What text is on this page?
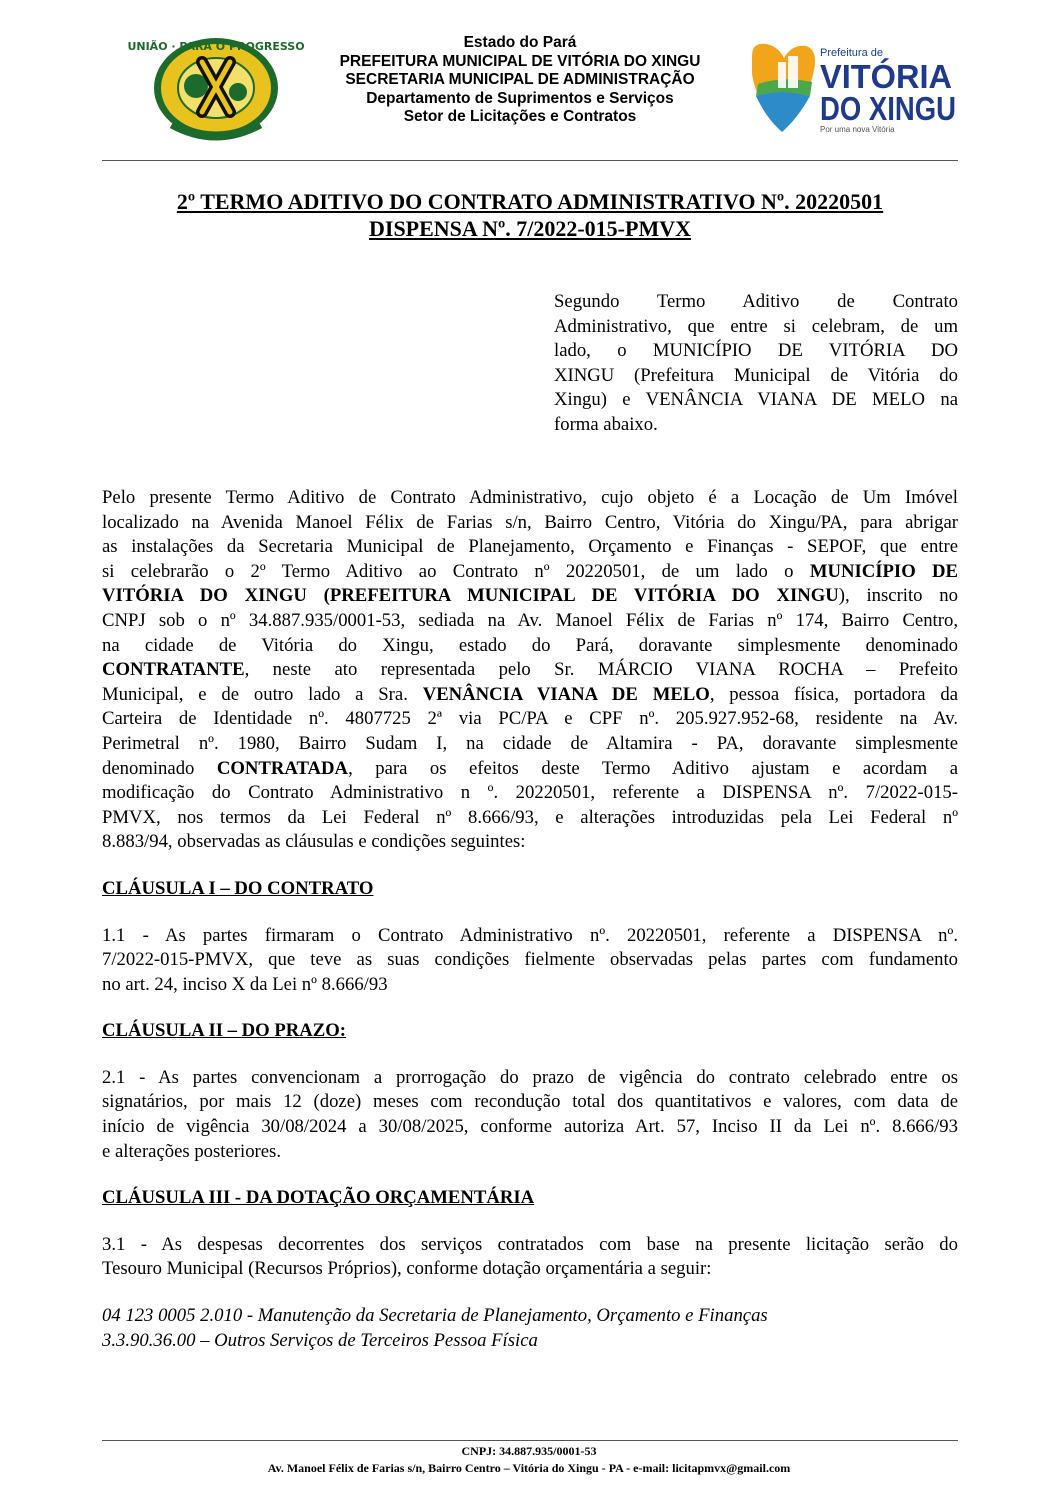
UNIÃO · PARÁ O PROGRESSO	Estado do Pará
PREFEITURA MUNICIPAL DE VITÓRIA DO XINGU
SECRETARIA MUNICIPAL DE ADMINISTRAÇÃO
Departamento de Suprimentos e Serviços
Setor de Licitações e Contratos
Prefeitura de
VITÓRIA
DO XINGU
Por uma nova Vitória
2º TERMO ADITIVO DO CONTRATO ADMINISTRATIVO Nº. 20220501
DISPENSA Nº. 7/2022-015-PMVX
Segundo Termo Aditivo de Contrato
Administrativo, que entre si celebram, de um
lado, o MUNICÍPIO DE VITÓRIA DO
XINGU (Prefeitura Municipal de Vitória do
Xingu) e VENÂNCIA VIANA DE MELO na
forma abaixo.
Pelo presente Termo Aditivo de Contrato Administrativo, cujo objeto é a Locação de Um Imóvel
localizado na Avenida Manoel Félix de Farias s/n, Bairro Centro, Vitória do Xingu/PA, para abrigar
as instalações da Secretaria Municipal de Planejamento, Orçamento e Finanças - SEPOF, que entre
si celebrarão o 2º Termo Aditivo ao Contrato nº 20220501, de um lado o MUNICÍPIO DE
VITÓRIA DO XINGU (PREFEITURA MUNICIPAL DE VITÓRIA DO XINGU), inscrito no
CNPJ sob o nº 34.887.935/0001-53, sediada na Av. Manoel Félix de Farias nº 174, Bairro Centro,
na cidade de Vitória do Xingu, estado do Pará, doravante simplesmente denominado
CONTRATANTE, neste ato representada pelo Sr. MÁRCIO VIANA ROCHA – Prefeito
Municipal, e de outro lado a Sra. VENÂNCIA VIANA DE MELO, pessoa física, portadora da
Carteira de Identidade nº. 4807725 2ª via PC/PA e CPF nº. 205.927.952-68, residente na Av.
Perimetral nº. 1980, Bairro Sudam I, na cidade de Altamira - PA, doravante simplesmente
denominado CONTRATADA, para os efeitos deste Termo Aditivo ajustam e acordam a
modificação do Contrato Administrativo n º. 20220501, referente a DISPENSA nº. 7/2022-015-
PMVX, nos termos da Lei Federal nº 8.666/93, e alterações introduzidas pela Lei Federal nº
8.883/94, observadas as cláusulas e condições seguintes:
CLÁUSULA I – DO CONTRATO
1.1 - As partes firmaram o Contrato Administrativo nº. 20220501, referente a DISPENSA nº.
7/2022-015-PMVX, que teve as suas condições fielmente observadas pelas partes com fundamento
no art. 24, inciso X da Lei nº 8.666/93
CLÁUSULA II – DO PRAZO:
2.1 - As partes convencionam a prorrogação do prazo de vigência do contrato celebrado entre os
signatários, por mais 12 (doze) meses com recondução total dos quantitativos e valores, com data de
início de vigência 30/08/2024 a 30/08/2025, conforme autoriza Art. 57, Inciso II da Lei nº. 8.666/93
e alterações posteriores.
CLÁUSULA III - DA DOTAÇÃO ORÇAMENTÁRIA
3.1 - As despesas decorrentes dos serviços contratados com base na presente licitação serão do
Tesouro Municipal (Recursos Próprios), conforme dotação orçamentária a seguir:
04 123 0005 2.010 - Manutenção da Secretaria de Planejamento, Orçamento e Finanças
3.3.90.36.00 – Outros Serviços de Terceiros Pessoa Física
CNPJ: 34.887.935/0001-53
Av. Manoel Félix de Farias s/n, Bairro Centro – Vitória do Xingu - PA - e-mail: licitapmvx@gmail.com
